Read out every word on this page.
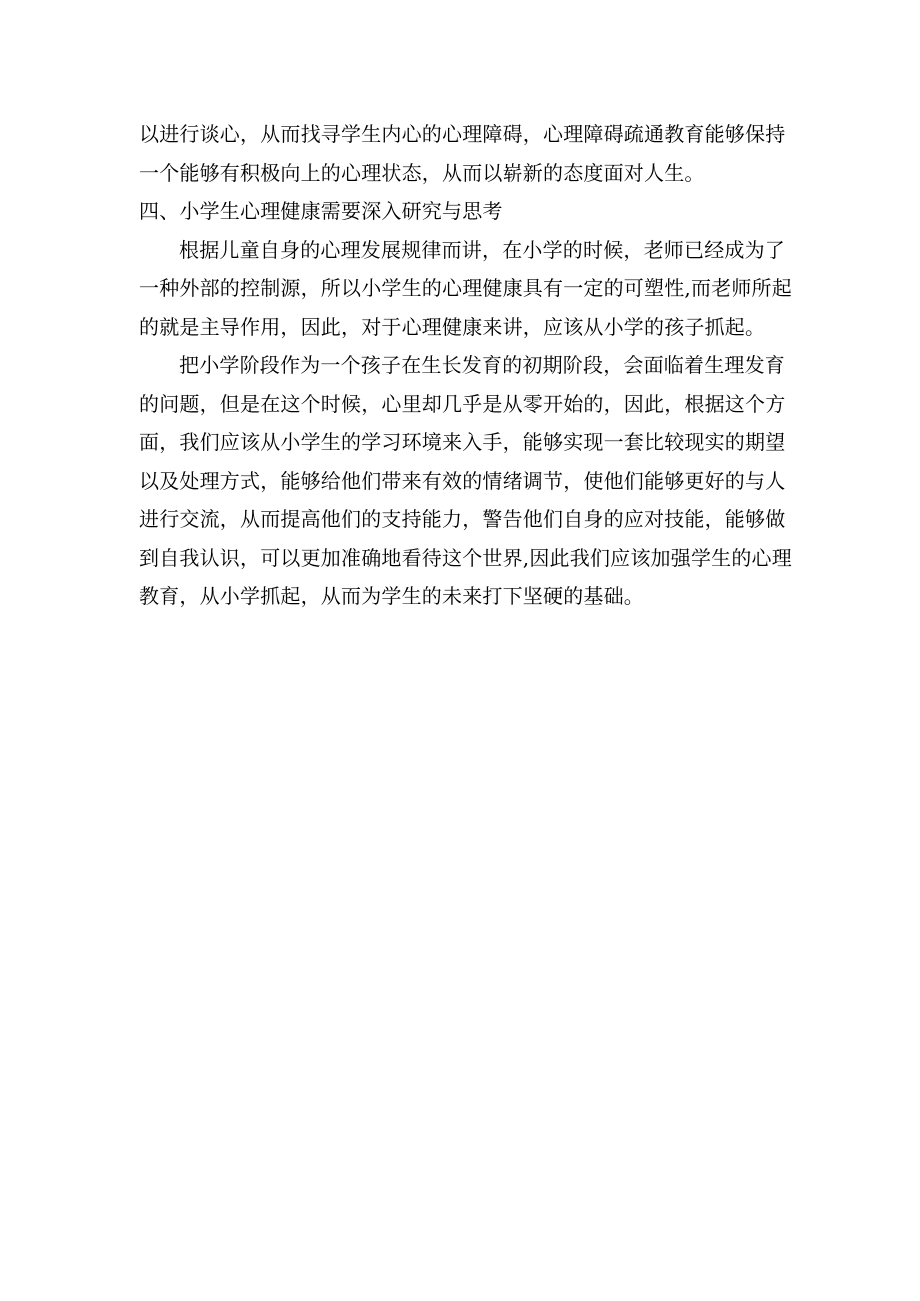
以进行谈心，从而找寻学生内心的心理障碍，心理障碍疏通教育能够保持
一个能够有积极向上的心理状态，从而以崭新的态度面对人生。
四、小学生心理健康需要深入研究与思考
根据儿童自身的心理发展规律而讲，在小学的时候，老师已经成为了
一种外部的控制源，所以小学生的心理健康具有一定的可塑性,而老师所起
的就是主导作用，因此，对于心理健康来讲，应该从小学的孩子抓起。
把小学阶段作为一个孩子在生长发育的初期阶段，会面临着生理发育
的问题，但是在这个时候，心里却几乎是从零开始的，因此，根据这个方
面，我们应该从小学生的学习环境来入手，能够实现一套比较现实的期望
以及处理方式，能够给他们带来有效的情绪调节，使他们能够更好的与人
进行交流，从而提高他们的支持能力，警告他们自身的应对技能，能够做
到自我认识，可以更加准确地看待这个世界,因此我们应该加强学生的心理
教育，从小学抓起，从而为学生的未来打下坚硬的基础。
